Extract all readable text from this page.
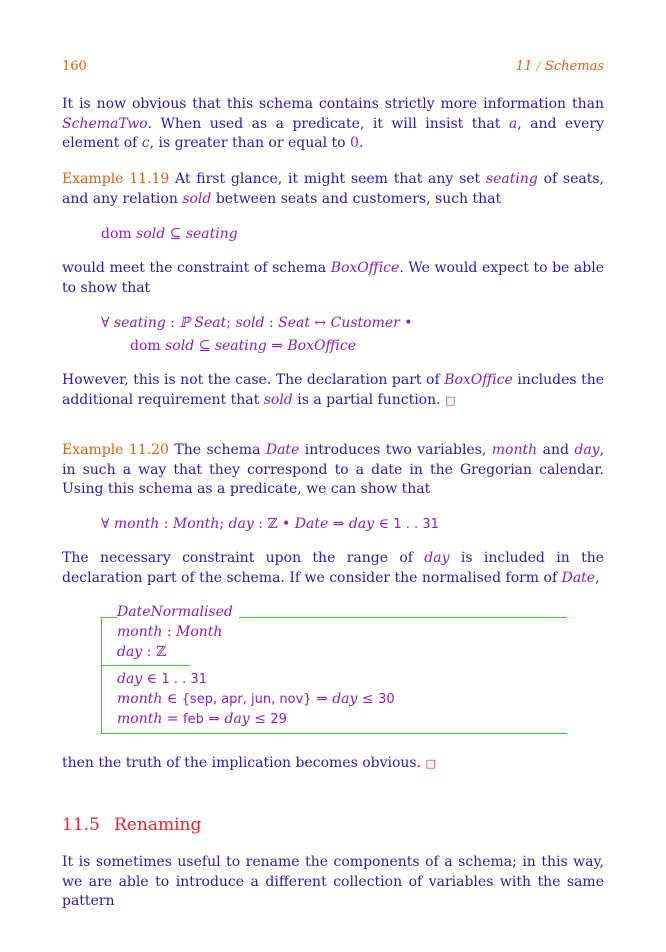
160	11 / Schemas
It is now obvious that this schema contains strictly more information than SchemaTwo. When used as a predicate, it will insist that a, and every element of c, is greater than or equal to 0.
Example 11.19 At first glance, it might seem that any set seating of seats, and any relation sold between seats and customers, such that
dom sold ⊆ seating
would meet the constraint of schema BoxOffice. We would expect to be able to show that
∀ seating : ℙ Seat; sold : Seat ↔ Customer •
dom sold ⊆ seating ⇒ BoxOffice
However, this is not the case. The declaration part of BoxOffice includes the additional requirement that sold is a partial function. □
Example 11.20 The schema Date introduces two variables, month and day, in such a way that they correspond to a date in the Gregorian calendar. Using this schema as a predicate, we can show that
∀ month : Month; day : ℤ • Date ⇒ day ∈ 1 . . 31
The necessary constraint upon the range of day is included in the declaration part of the schema. If we consider the normalised form of Date,
DateNormalised
month : Month
day : ℤ
day ∈ 1 . . 31
month ∈ {sep, apr, jun, nov} ⇒ day ≤ 30
month = feb ⇒ day ≤ 29
then the truth of the implication becomes obvious. □
11.5 Renaming
It is sometimes useful to rename the components of a schema; in this way, we are able to introduce a different collection of variables with the same pattern
